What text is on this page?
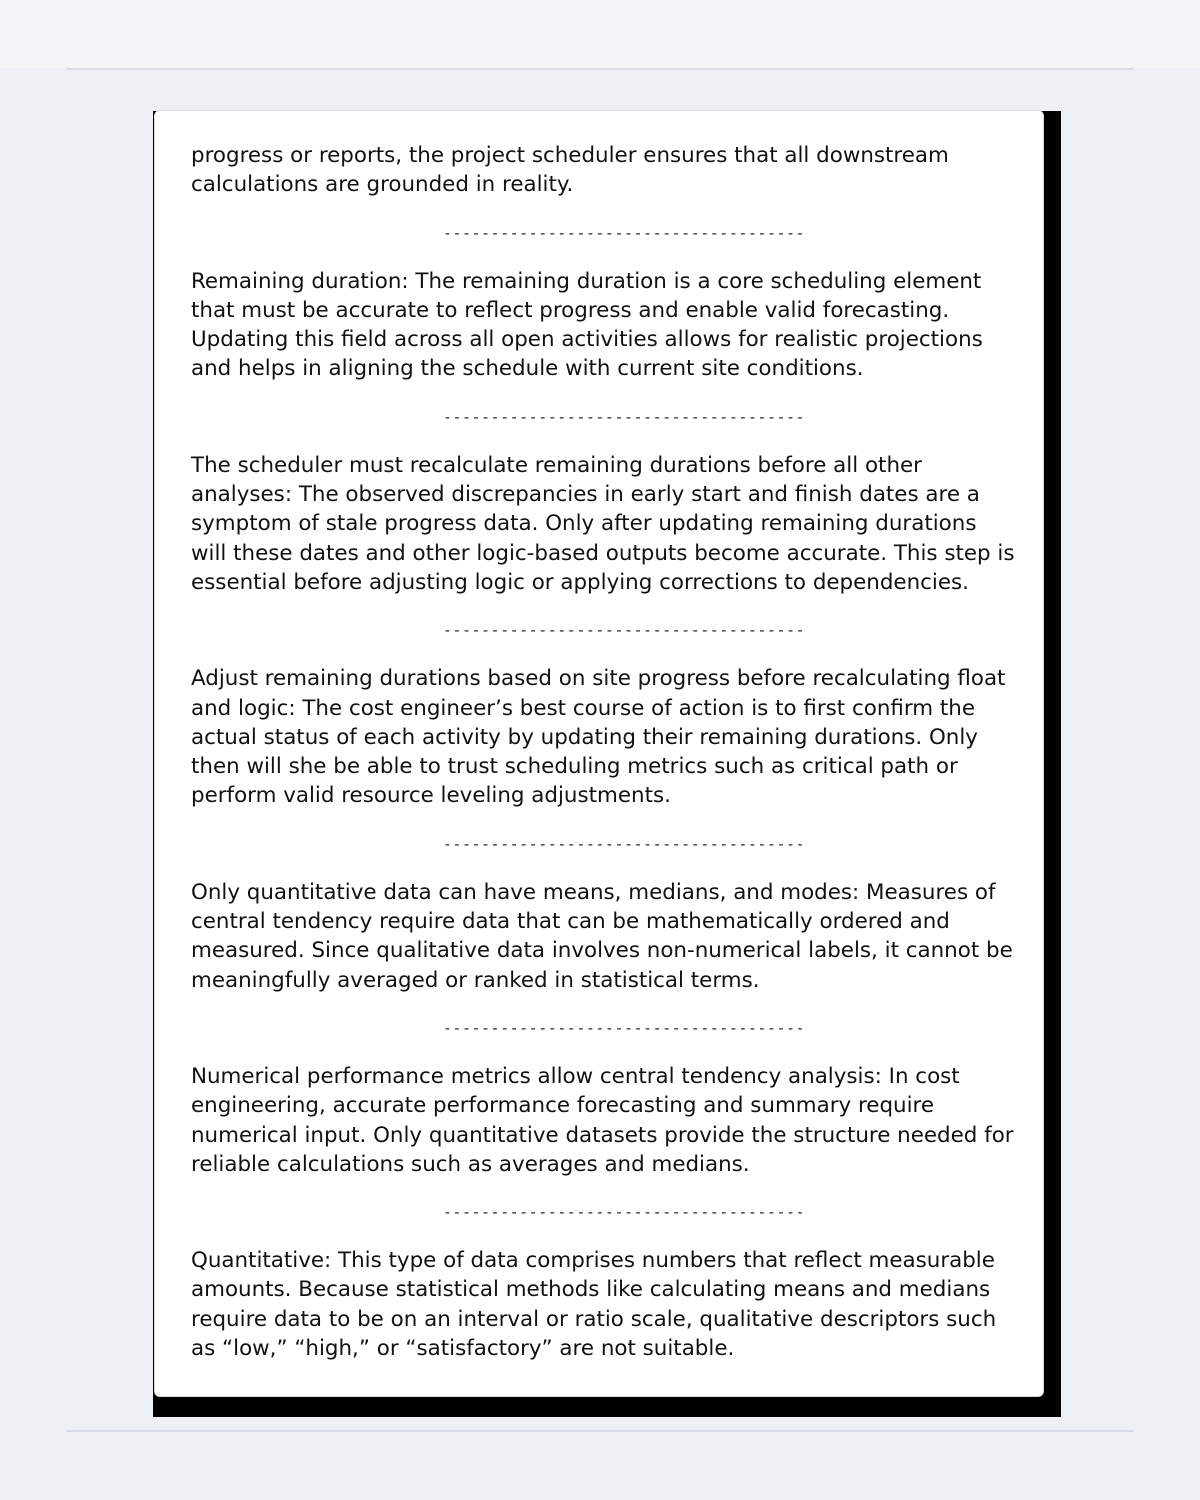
progress or reports, the project scheduler ensures that all downstream calculations are grounded in reality.

--------------------------------------

Remaining duration: The remaining duration is a core scheduling element that must be accurate to reflect progress and enable valid forecasting. Updating this field across all open activities allows for realistic projections and helps in aligning the schedule with current site conditions.

--------------------------------------

The scheduler must recalculate remaining durations before all other analyses: The observed discrepancies in early start and finish dates are a symptom of stale progress data. Only after updating remaining durations will these dates and other logic-based outputs become accurate. This step is essential before adjusting logic or applying corrections to dependencies.

--------------------------------------

Adjust remaining durations based on site progress before recalculating float and logic: The cost engineer’s best course of action is to first confirm the actual status of each activity by updating their remaining durations. Only then will she be able to trust scheduling metrics such as critical path or perform valid resource leveling adjustments.

--------------------------------------

Only quantitative data can have means, medians, and modes: Measures of central tendency require data that can be mathematically ordered and measured. Since qualitative data involves non-numerical labels, it cannot be meaningfully averaged or ranked in statistical terms.

--------------------------------------

Numerical performance metrics allow central tendency analysis: In cost engineering, accurate performance forecasting and summary require numerical input. Only quantitative datasets provide the structure needed for reliable calculations such as averages and medians.

--------------------------------------

Quantitative: This type of data comprises numbers that reflect measurable amounts. Because statistical methods like calculating means and medians require data to be on an interval or ratio scale, qualitative descriptors such as “low,” “high,” or “satisfactory” are not suitable.
